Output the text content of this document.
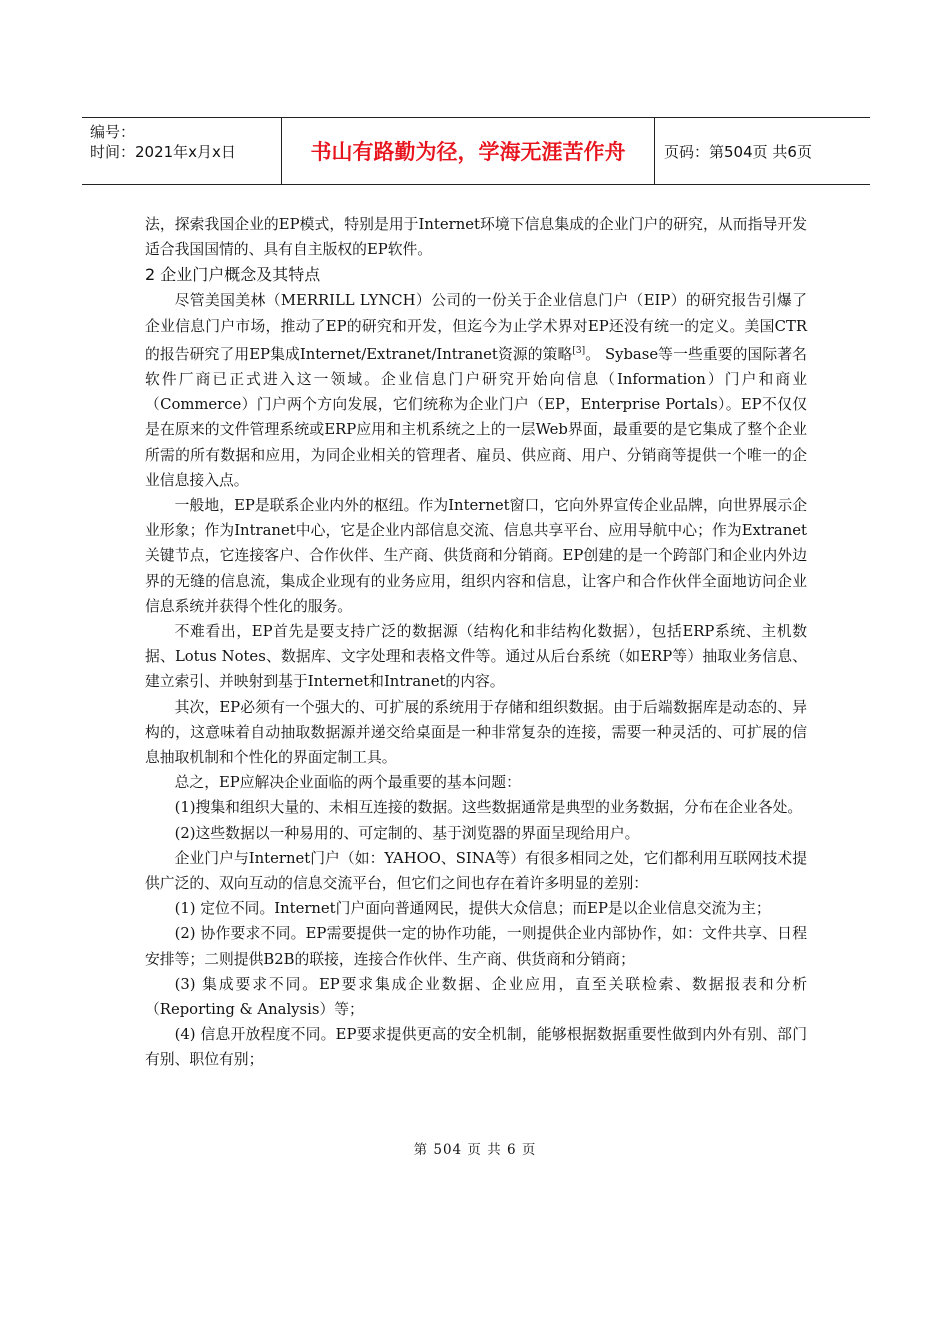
编号：
时间：2021年x月x日	书山有路勤为径，学海无涯苦作舟	页码：第504页 共6页

法，探索我国企业的EP模式，特别是用于Internet环境下信息集成的企业门户的研究，从而指导开发适合我国国情的、具有自主版权的EP软件。

2 企业门户概念及其特点

尽管美国美林（MERRILL LYNCH）公司的一份关于企业信息门户（EIP）的研究报告引爆了企业信息门户市场，推动了EP的研究和开发，但迄今为止学术界对EP还没有统一的定义。美国CTR的报告研究了用EP集成Internet/Extranet/Intranet资源的策略[3]。 Sybase等一些重要的国际著名软件厂商已正式进入这一领域。企业信息门户研究开始向信息（Information）门户和商业（Commerce）门户两个方向发展，它们统称为企业门户（EP，Enterprise Portals）。EP不仅仅是在原来的文件管理系统或ERP应用和主机系统之上的一层Web界面，最重要的是它集成了整个企业所需的所有数据和应用，为同企业相关的管理者、雇员、供应商、用户、分销商等提供一个唯一的企业信息接入点。

一般地，EP是联系企业内外的枢纽。作为Internet窗口，它向外界宣传企业品牌，向世界展示企业形象；作为Intranet中心，它是企业内部信息交流、信息共享平台、应用导航中心；作为Extranet关键节点，它连接客户、合作伙伴、生产商、供货商和分销商。EP创建的是一个跨部门和企业内外边界的无缝的信息流，集成企业现有的业务应用，组织内容和信息，让客户和合作伙伴全面地访问企业信息系统并获得个性化的服务。

不难看出，EP首先是要支持广泛的数据源（结构化和非结构化数据），包括ERP系统、主机数据、Lotus Notes、数据库、文字处理和表格文件等。通过从后台系统（如ERP等）抽取业务信息、建立索引、并映射到基于Internet和Intranet的内容。

其次，EP必须有一个强大的、可扩展的系统用于存储和组织数据。由于后端数据库是动态的、异构的，这意味着自动抽取数据源并递交给桌面是一种非常复杂的连接，需要一种灵活的、可扩展的信息抽取机制和个性化的界面定制工具。

总之，EP应解决企业面临的两个最重要的基本问题：

(1)搜集和组织大量的、未相互连接的数据。这些数据通常是典型的业务数据，分布在企业各处。

(2)这些数据以一种易用的、可定制的、基于浏览器的界面呈现给用户。

企业门户与Internet门户（如：YAHOO、SINA等）有很多相同之处，它们都利用互联网技术提供广泛的、双向互动的信息交流平台，但它们之间也存在着许多明显的差别：

(1) 定位不同。Internet门户面向普通网民，提供大众信息；而EP是以企业信息交流为主；

(2) 协作要求不同。EP需要提供一定的协作功能，一则提供企业内部协作，如：文件共享、日程安排等；二则提供B2B的联接，连接合作伙伴、生产商、供货商和分销商；

(3) 集成要求不同。EP要求集成企业数据、企业应用，直至关联检索、数据报表和分析（Reporting & Analysis）等；

(4) 信息开放程度不同。EP要求提供更高的安全机制，能够根据数据重要性做到内外有别、部门有别、职位有别；

第 504 页 共 6 页
